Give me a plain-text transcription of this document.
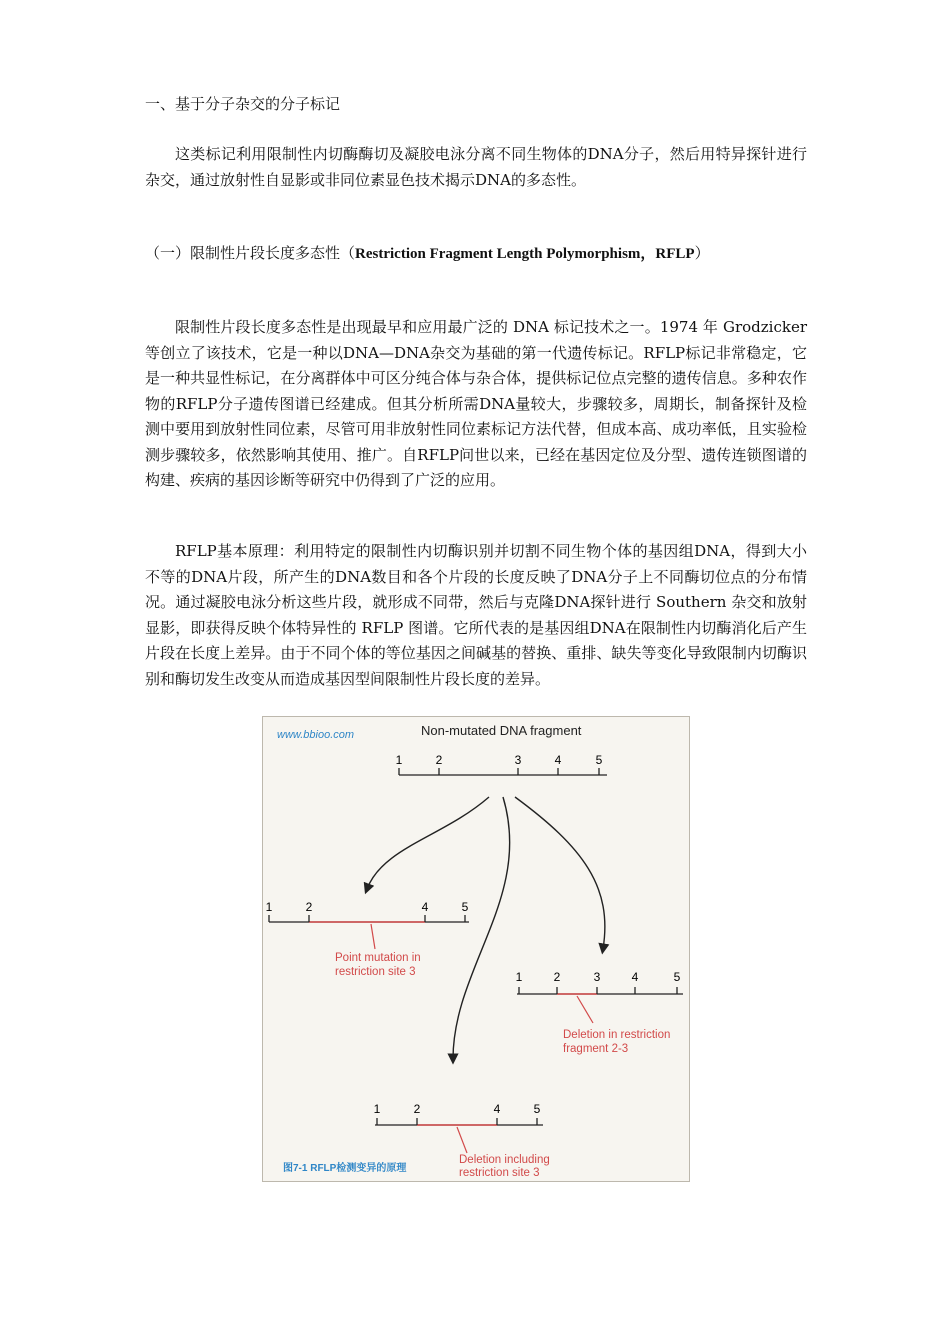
一、基于分子杂交的分子标记
这类标记利用限制性内切酶酶切及凝胶电泳分离不同生物体的DNA分子，然后用特异探针进行杂交，通过放射性自显影或非同位素显色技术揭示DNA的多态性。
（一）限制性片段长度多态性（Restriction Fragment Length Polymorphism，RFLP）
限制性片段长度多态性是出现最早和应用最广泛的 DNA 标记技术之一。1974 年 Grodzicker等创立了该技术，它是一种以DNA—DNA杂交为基础的第一代遗传标记。RFLP标记非常稳定，它是一种共显性标记，在分离群体中可区分纯合体与杂合体，提供标记位点完整的遗传信息。多种农作物的RFLP分子遗传图谱已经建成。但其分析所需DNA量较大，步骤较多，周期长，制备探针及检测中要用到放射性同位素，尽管可用非放射性同位素标记方法代替，但成本高、成功率低，且实验检测步骤较多，依然影响其使用、推广。自RFLP问世以来，已经在基因定位及分型、遗传连锁图谱的构建、疾病的基因诊断等研究中仍得到了广泛的应用。
RFLP基本原理：利用特定的限制性内切酶识别并切割不同生物个体的基因组DNA，得到大小不等的DNA片段，所产生的DNA数目和各个片段的长度反映了DNA分子上不同酶切位点的分布情况。通过凝胶电泳分析这些片段，就形成不同带，然后与克隆DNA探针进行 Southern 杂交和放射显影，即获得反映个体特异性的 RFLP 图谱。它所代表的是基因组DNA在限制性内切酶消化后产生片段在长度上差异。由于不同个体的等位基因之间碱基的替换、重排、缺失等变化导致限制内切酶识别和酶切发生改变从而造成基因型间限制性片段长度的差异。
www.bbioo.com	Non-mutated DNA fragment
1	2	3	4	5
1	2	4	5
Point mutation in
restriction site 3	1	2	3	4	5
Deletion in restriction
fragment 2-3
1	2	4	5
Deletion including
restriction site 3
图7-1 RFLP检测变异的原理
